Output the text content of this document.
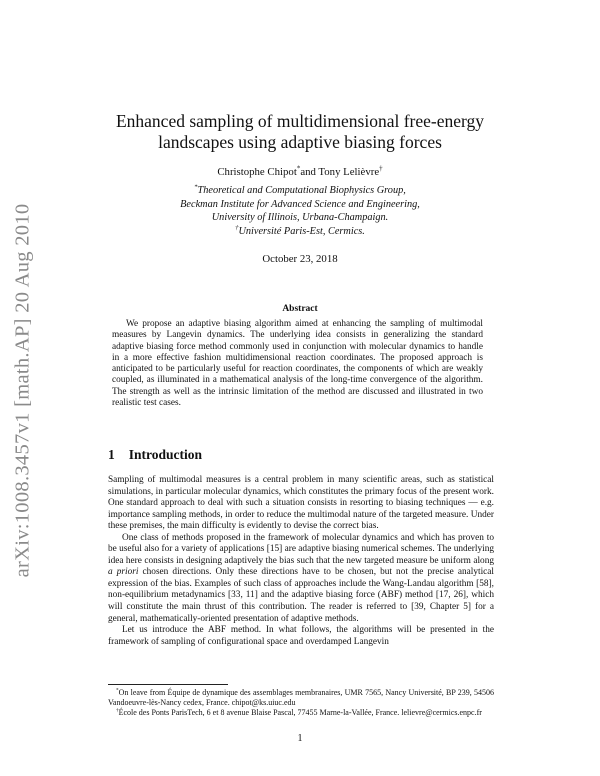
arXiv:1008.3457v1 [math.AP] 20 Aug 2010
Enhanced sampling of multidimensional free-energy
landscapes using adaptive biasing forces
Christophe Chipot*and Tony Lelièvre†
*Theoretical and Computational Biophysics Group,
Beckman Institute for Advanced Science and Engineering,
University of Illinois, Urbana-Champaign.
†Université Paris-Est, Cermics.
October 23, 2018
Abstract

We propose an adaptive biasing algorithm aimed at enhancing the sampling of multimodal measures by Langevin dynamics. The underlying idea consists in generalizing the standard adaptive biasing force method commonly used in conjunction with molecular dynamics to handle in a more effective fashion multidimensional reaction coordinates. The proposed approach is anticipated to be particularly useful for reaction coordinates, the components of which are weakly coupled, as illuminated in a mathematical analysis of the long-time convergence of the algorithm. The strength as well as the intrinsic limitation of the method are discussed and illustrated in two realistic test cases.

1 Introduction

Sampling of multimodal measures is a central problem in many scientific areas, such as statistical simulations, in particular molecular dynamics, which constitutes the primary focus of the present work. One standard approach to deal with such a situation consists in resorting to biasing techniques — e.g. importance sampling methods, in order to reduce the multimodal nature of the targeted measure. Under these premises, the main difficulty is evidently to devise the correct bias.

One class of methods proposed in the framework of molecular dynamics and which has proven to be useful also for a variety of applications [15] are adaptive biasing numerical schemes. The underlying idea here consists in designing adaptively the bias such that the new targeted measure be uniform along a priori chosen directions. Only these directions have to be chosen, but not the precise analytical expression of the bias. Examples of such class of approaches include the Wang-Landau algorithm [58], non-equilibrium metadynamics [33, 11] and the adaptive biasing force (ABF) method [17, 26], which will constitute the main thrust of this contribution. The reader is referred to [39, Chapter 5] for a general, mathematically-oriented presentation of adaptive methods.

Let us introduce the ABF method. In what follows, the algorithms will be presented in the framework of sampling of configurational space and overdamped Langevin

*On leave from Équipe de dynamique des assemblages membranaires, UMR 7565, Nancy Université, BP 239, 54506 Vandoeuvre-lès-Nancy cedex, France. chipot@ks.uiuc.edu

†École des Ponts ParisTech, 6 et 8 avenue Blaise Pascal, 77455 Marne-la-Vallée, France. lelievre@cermics.enpc.fr

1
